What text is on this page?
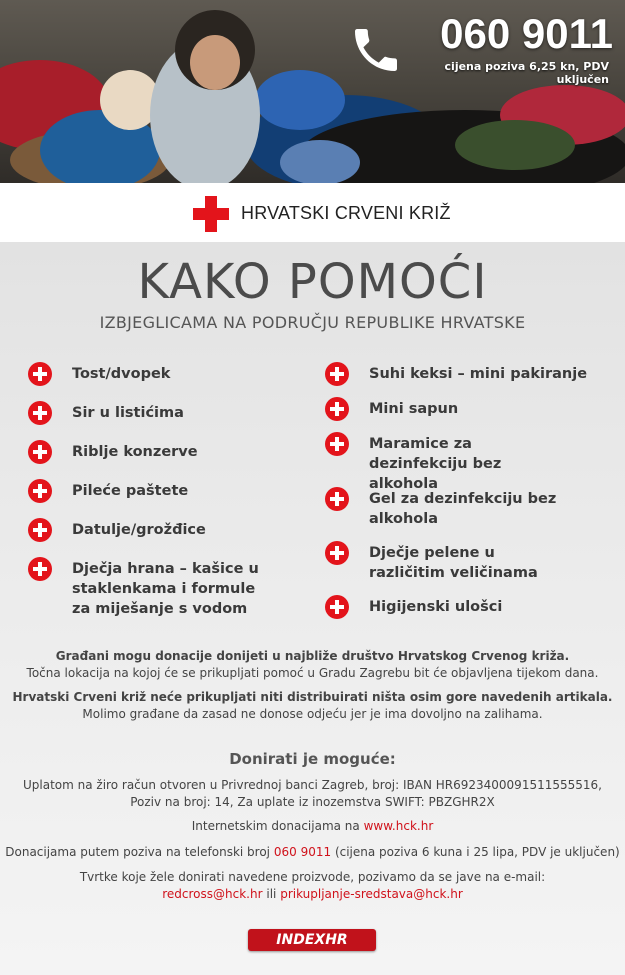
060 9011
cijena poziva 6,25 kn, PDV uključen
HRVATSKI CRVENI KRIŽ
KAKO POMOĆI
IZBJEGLICAMA NA PODRUČJU REPUBLIKE HRVATSKE
Tost/dvopek
Sir u listićima
Riblje konzerve
Pileće paštete
Datulje/grožđice
Dječja hrana – kašice u staklenkama i formule za miješanje s vodom
Suhi keksi – mini pakiranje
Mini sapun
Maramice za dezinfekciju bez alkohola
Gel za dezinfekciju bez alkohola
Dječje pelene u različitim veličinama
Higijenski ulošci
Građani mogu donacije donijeti u najbliže društvo Hrvatskog Crvenog križa.
Točna lokacija na kojoj će se prikupljati pomoć u Gradu Zagrebu bit će objavljena tijekom dana.
Hrvatski Crveni križ neće prikupljati niti distribuirati ništa osim gore navedenih artikala.
Molimo građane da zasad ne donose odjeću jer je ima dovoljno na zalihama.
Donirati je moguće:
Uplatom na žiro račun otvoren u Privrednoj banci Zagreb, broj: IBAN HR6923400091511555516,
Poziv na broj: 14, Za uplate iz inozemstva SWIFT: PBZGHR2X
Internetskim donacijama na www.hck.hr
Donacijama putem poziva na telefonski broj 060 9011 (cijena poziva 6 kuna i 25 lipa, PDV je uključen)
Tvrtke koje žele donirati navedene proizvode, pozivamo da se jave na e-mail:
redcross@hck.hr ili prikupljanje-sredstava@hck.hr
INDEXHR
